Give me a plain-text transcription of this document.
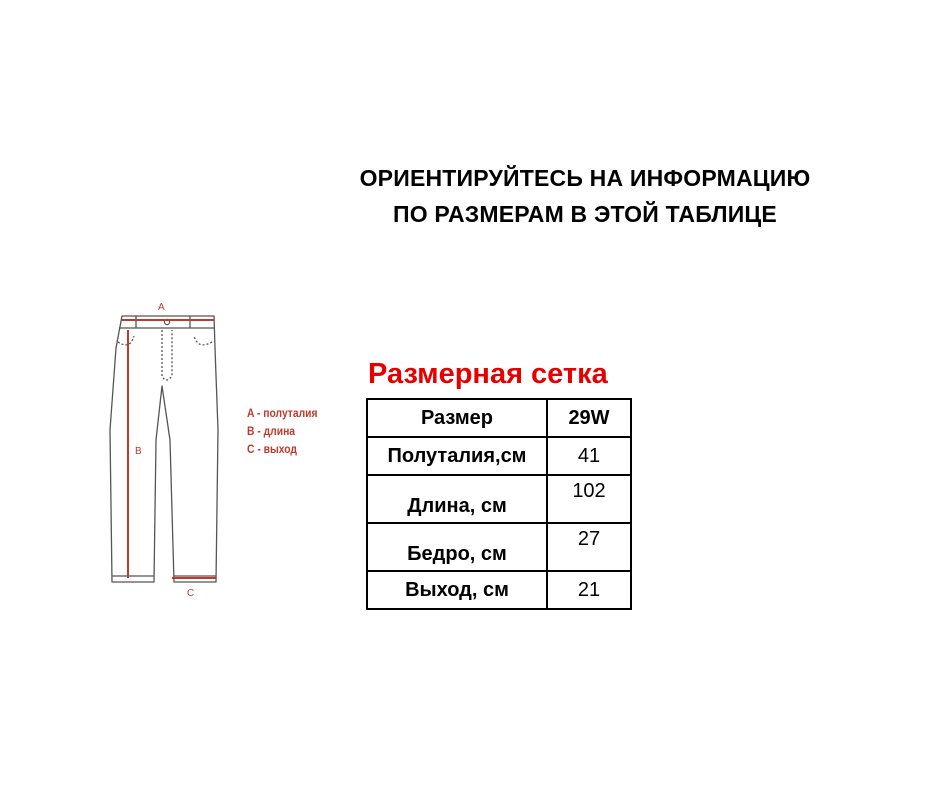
ОРИЕНТИРУЙТЕСЬ НА ИНФОРМАЦИЮ
ПО РАЗМЕРАМ В ЭТОЙ ТАБЛИЦЕ
A
B
C
A - полуталия
B - длина
C - выход
Размерная сетка
Размер	29W
Полуталия,см	41
Длина, см	102
Бедро, см	27
Выход, см	21
